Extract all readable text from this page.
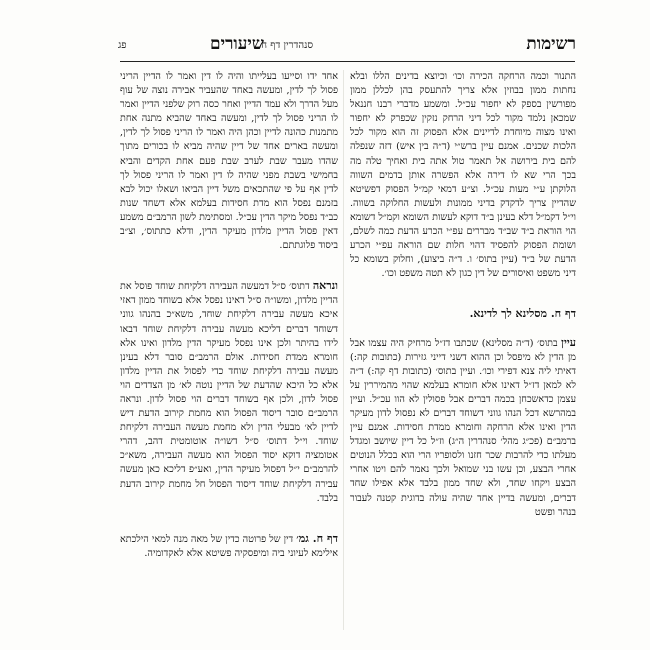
רשימות
סנהדרין דף ח.
שיעורים
פג

התנור וכמה הרחקה הכירה וכו׳ וכיוצא בדינים הללו ובלא נחתות ממון בבוזין אלא צריך להתעסק בהן לכללן ממון מפורשין בספק לא יחפור עכ״ל. ומשמע מדברי רבנו חננאל שמכאן נלמד מקור לכל דיני הרחק נזקין שכפרק לא יחפור ואינו מצוה מיוחדת לדיינים אלא הפסוק זה הוא מקור לכל הלכות שכנים. אמנם עיין ברש״י (ד״ה בין איש) דזה שנפלה להם בית בירושה אל תאמר טול אתה בית ואחיך טלה מה בכך הרי שא לו דירה אלא הפשרה אותן בדמים השווה הלוקתן ע״י מעות עכ״ל. וצ״ע דמאי קמ״ל הפסוק דפשיטא שהדיין צריך לדקדק בדיני ממונות ולעשות החלוקה בשווה. וי״ל דקמ״ל דלא בעינן ב״ד דוקא לעשות השומא וקמ״ל דשומא הוי הוראת ב״ד שב״ד מבררים עפ״י הכרע הדעת כמה לשלם, ושומת הפסוק להפסיד דהוי חלות שם הוראה עפ״י הכרע הדעת של ב״ד (עיין בתוס׳ ו. ד״ה ביצוע), וחלוק בשומא כל דיני משפט ואיסורים של דין כגון לא תטה משפט וכו׳.

דף ח. מסלינא לך לדינא.

עיין בתוס׳ (ד״ה מסלינא) שכתבו דז״ל מרחיק היה עצמו אבל מן הדין לא מיפסל וכן ההוא דשני דייני גזירות (כתובות קה:) דאיתי ליה צנא דפירי וכו׳. ועיין בתוס׳ (כתובות דף קה:) ד״ה לא למאן דז״ל דאינו אלא חומרא בעלמא שהוי מהמיררין על עצמן כדאשכחן בכמה דברים אבל פסולין לא הוו עכ״ל. ועיין במהרשא דכל הנהו גווני דשוחד דברים לא נפסול לדון מעיקר הדין ואינו אלא הרחקה וחומרא ממדת חסידות. אמנם עיין ברמב״ם (פכ״ג מהל׳ סנהדרין ה״ג) וז״ל כל דיין שיושב ומגדל מעלתו כדי להרבות שכר חזנו ולסופריו הרי הוא בכלל הנוטים אחרי הבצע, וכן עשו בני שמואל ולכך נאמר להם ויטו אחרי הבצע ויקחו שחד, ולא שחד ממון בלבד אלא אפילו שחד דברים, ומעשה בדיין אחד שהיה עולה בדוגית קטנה לעבור בנהר ופשט

אחד ידו וסייעו בעלייתו והיה לו דין ואמר לו הדיין הריני פסול לך לדין, ומעשה באחד שהעביר אבירה נוצה של עוף מעל הדרך ולא עמד הדיין ואחר כסה רוק שלפני הדיין ואמר לו הריני פסול לך לדין, ומעשה באחד שהביא מתנה אחת מתמנות כהונה לדיין וכהן היה ואמר לו הריני פסול לך לדין, ומעשה בארים אחד של דיין שהיה מביא לו בכורים מתוך שהדו מעבר שבת לערב שבת פעם אחת הקדים והביא בחמישי בשבת מפני שהיה לו דין ואמר לו הריני פסול לך לדין אף על פי שהתכאים משל דיין הביאו ושאלו יכול לבא בזמנם נפסל הוא מדת חסידות בעלמא אלא דשחד שנות כב״ד נפסל מיקר הדין עכ״ל. ומסתימת לשון הרמב״ם משמע דאין פסול הדיין מלדון מעיקר הדין, ודלא כתתוס׳, וצ״ב ביסוד פלוגתתם.

ונראה דתוס׳ ס״ל דמעשה העבירה דלקיחת שוחד פוסל את הדיין מלדון, ומשו״ה ס״ל דאינו נפסל אלא בשוחד ממון דאזי איכא מעשה עבירה דלקיחת שוחד, משא״כ בהנהו גווני דשוחד דברים דליכא מעשה עבירה דלקיחת שוחד דבאו לידו בהיתר ולכן אינו נפסל מעיקר הדין מלדון ואינו אלא חומרא ממדת חסידות. אולם הרמב״ם סובר דלא בעינן מעשה עבירה דלקיחת שוחד כדי לפסול את הדיין מלדון אלא כל היכא שהדעת של הדיין נוטה לא׳ מן הצדדים הוי פסול לדון, ולכן אף בשוחד דברים הוי פסול לדון. ונראה הרמב״ם סובר דיסוד הפסול הוא מחמת קירוב הדעת דיש לדיין לא׳ מבעלי הדין ולא מחמת מעשה העבירה דלקיחת שוחד. וי״ל דתוס׳ ס״ל דשו״ה אוטומטית דהב, דהרי אטומציה דוקא יסוד הפסול הוא מעשה העבירה, משא״כ להרמב״ם י״ל דפסול מעיקר הדין, ואע״פ דליכא כאן מעשה עבירה דלקיחת שוחד דיסוד הפסול חל מחמת קירוב הדעת בלבד.

דף ח. גמ׳ דין של פרוטה כדין של מאה מנה למאי הילכתא אילימא לעיוני ביה ומיפסקיה פשיטא אלא לאקדומיה.
